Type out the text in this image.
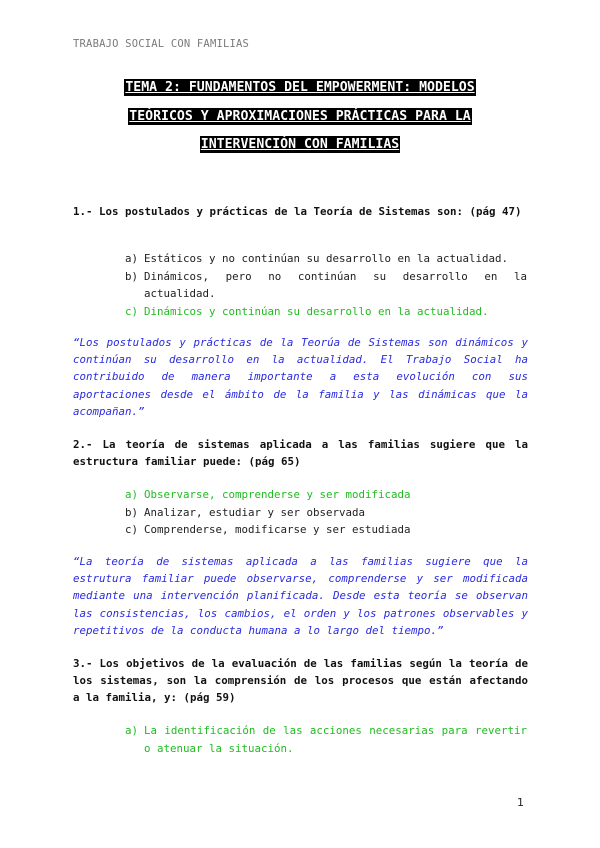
TRABAJO SOCIAL CON FAMILIAS
TEMA 2: FUNDAMENTOS DEL EMPOWERMENT: MODELOS
TEÓRICOS Y APROXIMACIONES PRÁCTICAS PARA LA
INTERVENCIÓN CON FAMILIAS
1.- Los postulados y prácticas de la Teoría de Sistemas son: (pág 47)
a) Estáticos y no continúan su desarrollo en la actualidad.
b) Dinámicos, pero no continúan su desarrollo en la actualidad.
c) Dinámicos y continúan su desarrollo en la actualidad.
“Los postulados y prácticas de la Teorúa de Sistemas son dinámicos y continúan su desarrollo en la actualidad. El Trabajo Social ha contribuido de manera importante a esta evolución con sus aportaciones desde el ámbito de la familia y las dinámicas que la acompañan.”
2.- La teoría de sistemas aplicada a las familias sugiere que la estructura familiar puede: (pág 65)
a) Observarse, comprenderse y ser modificada
b) Analizar, estudiar y ser observada
c) Comprenderse, modificarse y ser estudiada
“La teoría de sistemas aplicada a las familias sugiere que la estrutura familiar puede observarse, comprenderse y ser modificada mediante una intervención planificada. Desde esta teoría se observan las consistencias, los cambios, el orden y los patrones observables y repetitivos de la conducta humana a lo largo del tiempo.”
3.- Los objetivos de la evaluación de las familias según la teoría de los sistemas, son la comprensión de los procesos que están afectando a la familia, y: (pág 59)
a) La identificación de las acciones necesarias para revertir o atenuar la situación.
1
